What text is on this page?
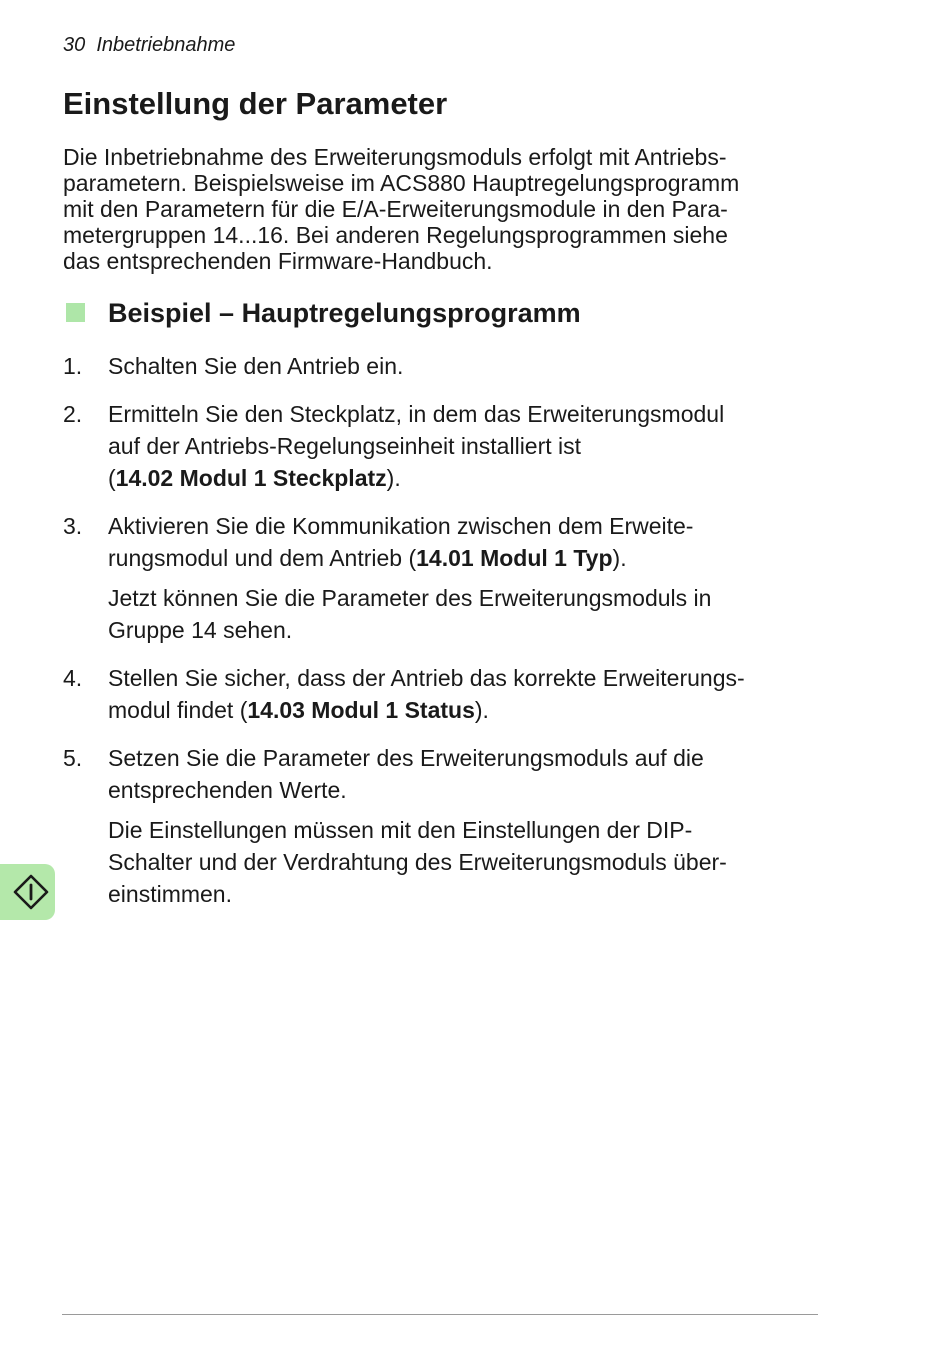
30 Inbetriebnahme
Einstellung der Parameter
Die Inbetriebnahme des Erweiterungsmoduls erfolgt mit Antriebs-
parametern. Beispielsweise im ACS880 Hauptregelungsprogramm
mit den Parametern für die E/A-Erweiterungsmodule in den Para-
metergruppen 14...16. Bei anderen Regelungsprogrammen siehe
das entsprechenden Firmware-Handbuch.
Beispiel – Hauptregelungsprogramm
1. Schalten Sie den Antrieb ein.
2. Ermitteln Sie den Steckplatz, in dem das Erweiterungsmodul
auf der Antriebs-Regelungseinheit installiert ist
(14.02 Modul 1 Steckplatz).
3. Aktivieren Sie die Kommunikation zwischen dem Erweite-
rungsmodul und dem Antrieb (14.01 Modul 1 Typ).
Jetzt können Sie die Parameter des Erweiterungsmoduls in
Gruppe 14 sehen.
4. Stellen Sie sicher, dass der Antrieb das korrekte Erweiterungs-
modul findet (14.03 Modul 1 Status).
5. Setzen Sie die Parameter des Erweiterungsmoduls auf die
entsprechenden Werte.
Die Einstellungen müssen mit den Einstellungen der DIP-
Schalter und der Verdrahtung des Erweiterungsmoduls über-
einstimmen.
